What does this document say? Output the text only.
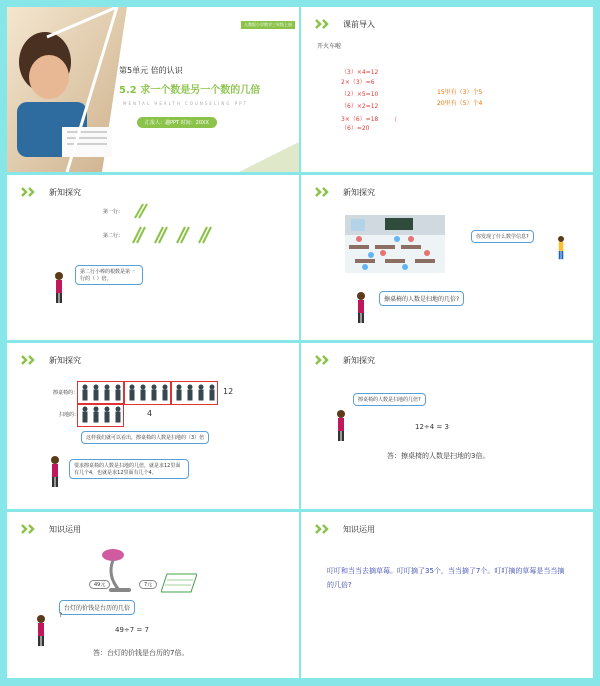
人教版小学数学三年级上册
第5单元 倍的认识
5.2 求一个数是另一个数的几倍
MENTAL HEALTH COUNSELING PPT
汇报人：趣PPT 时间：20XX
课前导入
开火车啦
（3）×4=12
2×（3）=6
（2）×5=10
（6）×2=12
3×（6）=18 （
（6）=20
15里有（3）个5
20里有（5）个4
新知探究
第一行：
第二行：
第二行小棒的根数是第一行的（ ）倍。
新知探究
你发现了什么数学信息?
擦桌椅的人数是扫地的几倍?
新知探究
擦桌椅的：	12
扫地的：	4
这样我们就可以看出，擦桌椅的人数是扫地的（3）倍
要求擦桌椅的人数是扫地的几倍，就是求12里面有几个4，也就是求12里面有几个4。
新知探究
擦桌椅的人数是扫地的几倍?
12÷4 = 3
答：擦桌椅的人数是扫地的3倍。
知识运用
49元	7元
台灯的价钱是台历的几倍
?
49÷7 = 7
答：台灯的价钱是台历的7倍。
知识运用
叮叮和当当去摘草莓。叮叮摘了35个，当当摘了7个。叮叮摘的草莓是当当摘的几倍?
